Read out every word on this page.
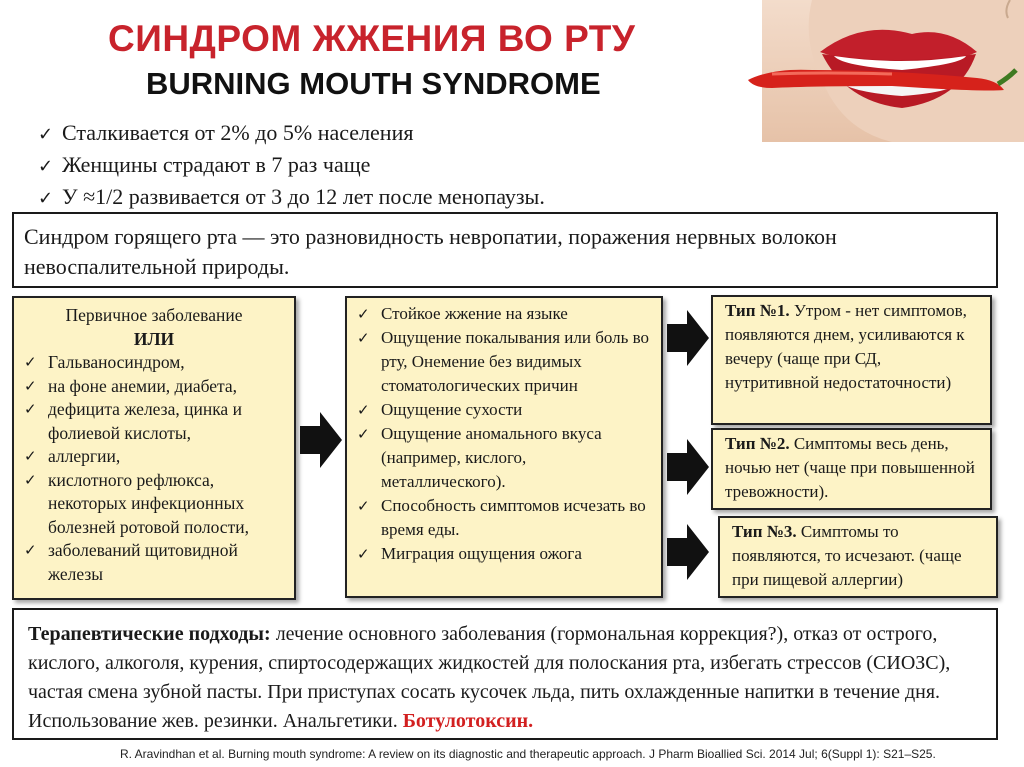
СИНДРОМ ЖЖЕНИЯ ВО РТУ
BURNING MOUTH SYNDROME
✓ Сталкивается от 2% до 5% населения
✓ Женщины страдают в 7 раз чаще
✓ У ≈1/2 развивается от 3 до 12 лет после менопаузы.
Синдром горящего рта — это разновидность невропатии, поражения нервных волокон невоспалительной природы.
Первичное заболевание
ИЛИ
✓ Гальваносиндром,
✓ на фоне анемии, диабета,
✓ дефицита железа, цинка и фолиевой кислоты,
✓ аллергии,
✓ кислотного рефлюкса, некоторых инфекционных болезней ротовой полости,
✓ заболеваний щитовидной железы
✓ Стойкое жжение на языке
✓ Ощущение покалывания или боль во рту, Онемение без видимых стоматологических причин
✓ Ощущение сухости
✓ Ощущение аномального вкуса (например, кислого, металлического).
✓ Способность симптомов исчезать во время еды.
✓ Миграция ощущения ожога
Тип №1. Утром - нет симптомов, появляются днем, усиливаются к вечеру (чаще при СД, нутритивной недостаточности)
Тип №2. Симптомы весь день, ночью нет (чаще при повышенной тревожности).
Тип №3. Симптомы то появляются, то исчезают. (чаще при пищевой аллергии)
Терапевтические подходы: лечение основного заболевания (гормональная коррекция?), отказ от острого, кислого, алкоголя, курения, спиртосодержащих жидкостей для полоскания рта, избегать стрессов (СИОЗС), частая смена зубной пасты. При приступах сосать кусочек льда, пить охлажденные напитки в течение дня. Использование жев. резинки. Анальгетики. Ботулотоксин.
R. Aravindhan et al. Burning mouth syndrome: A review on its diagnostic and therapeutic approach. J Pharm Bioallied Sci. 2014 Jul; 6(Suppl 1): S21–S25.
